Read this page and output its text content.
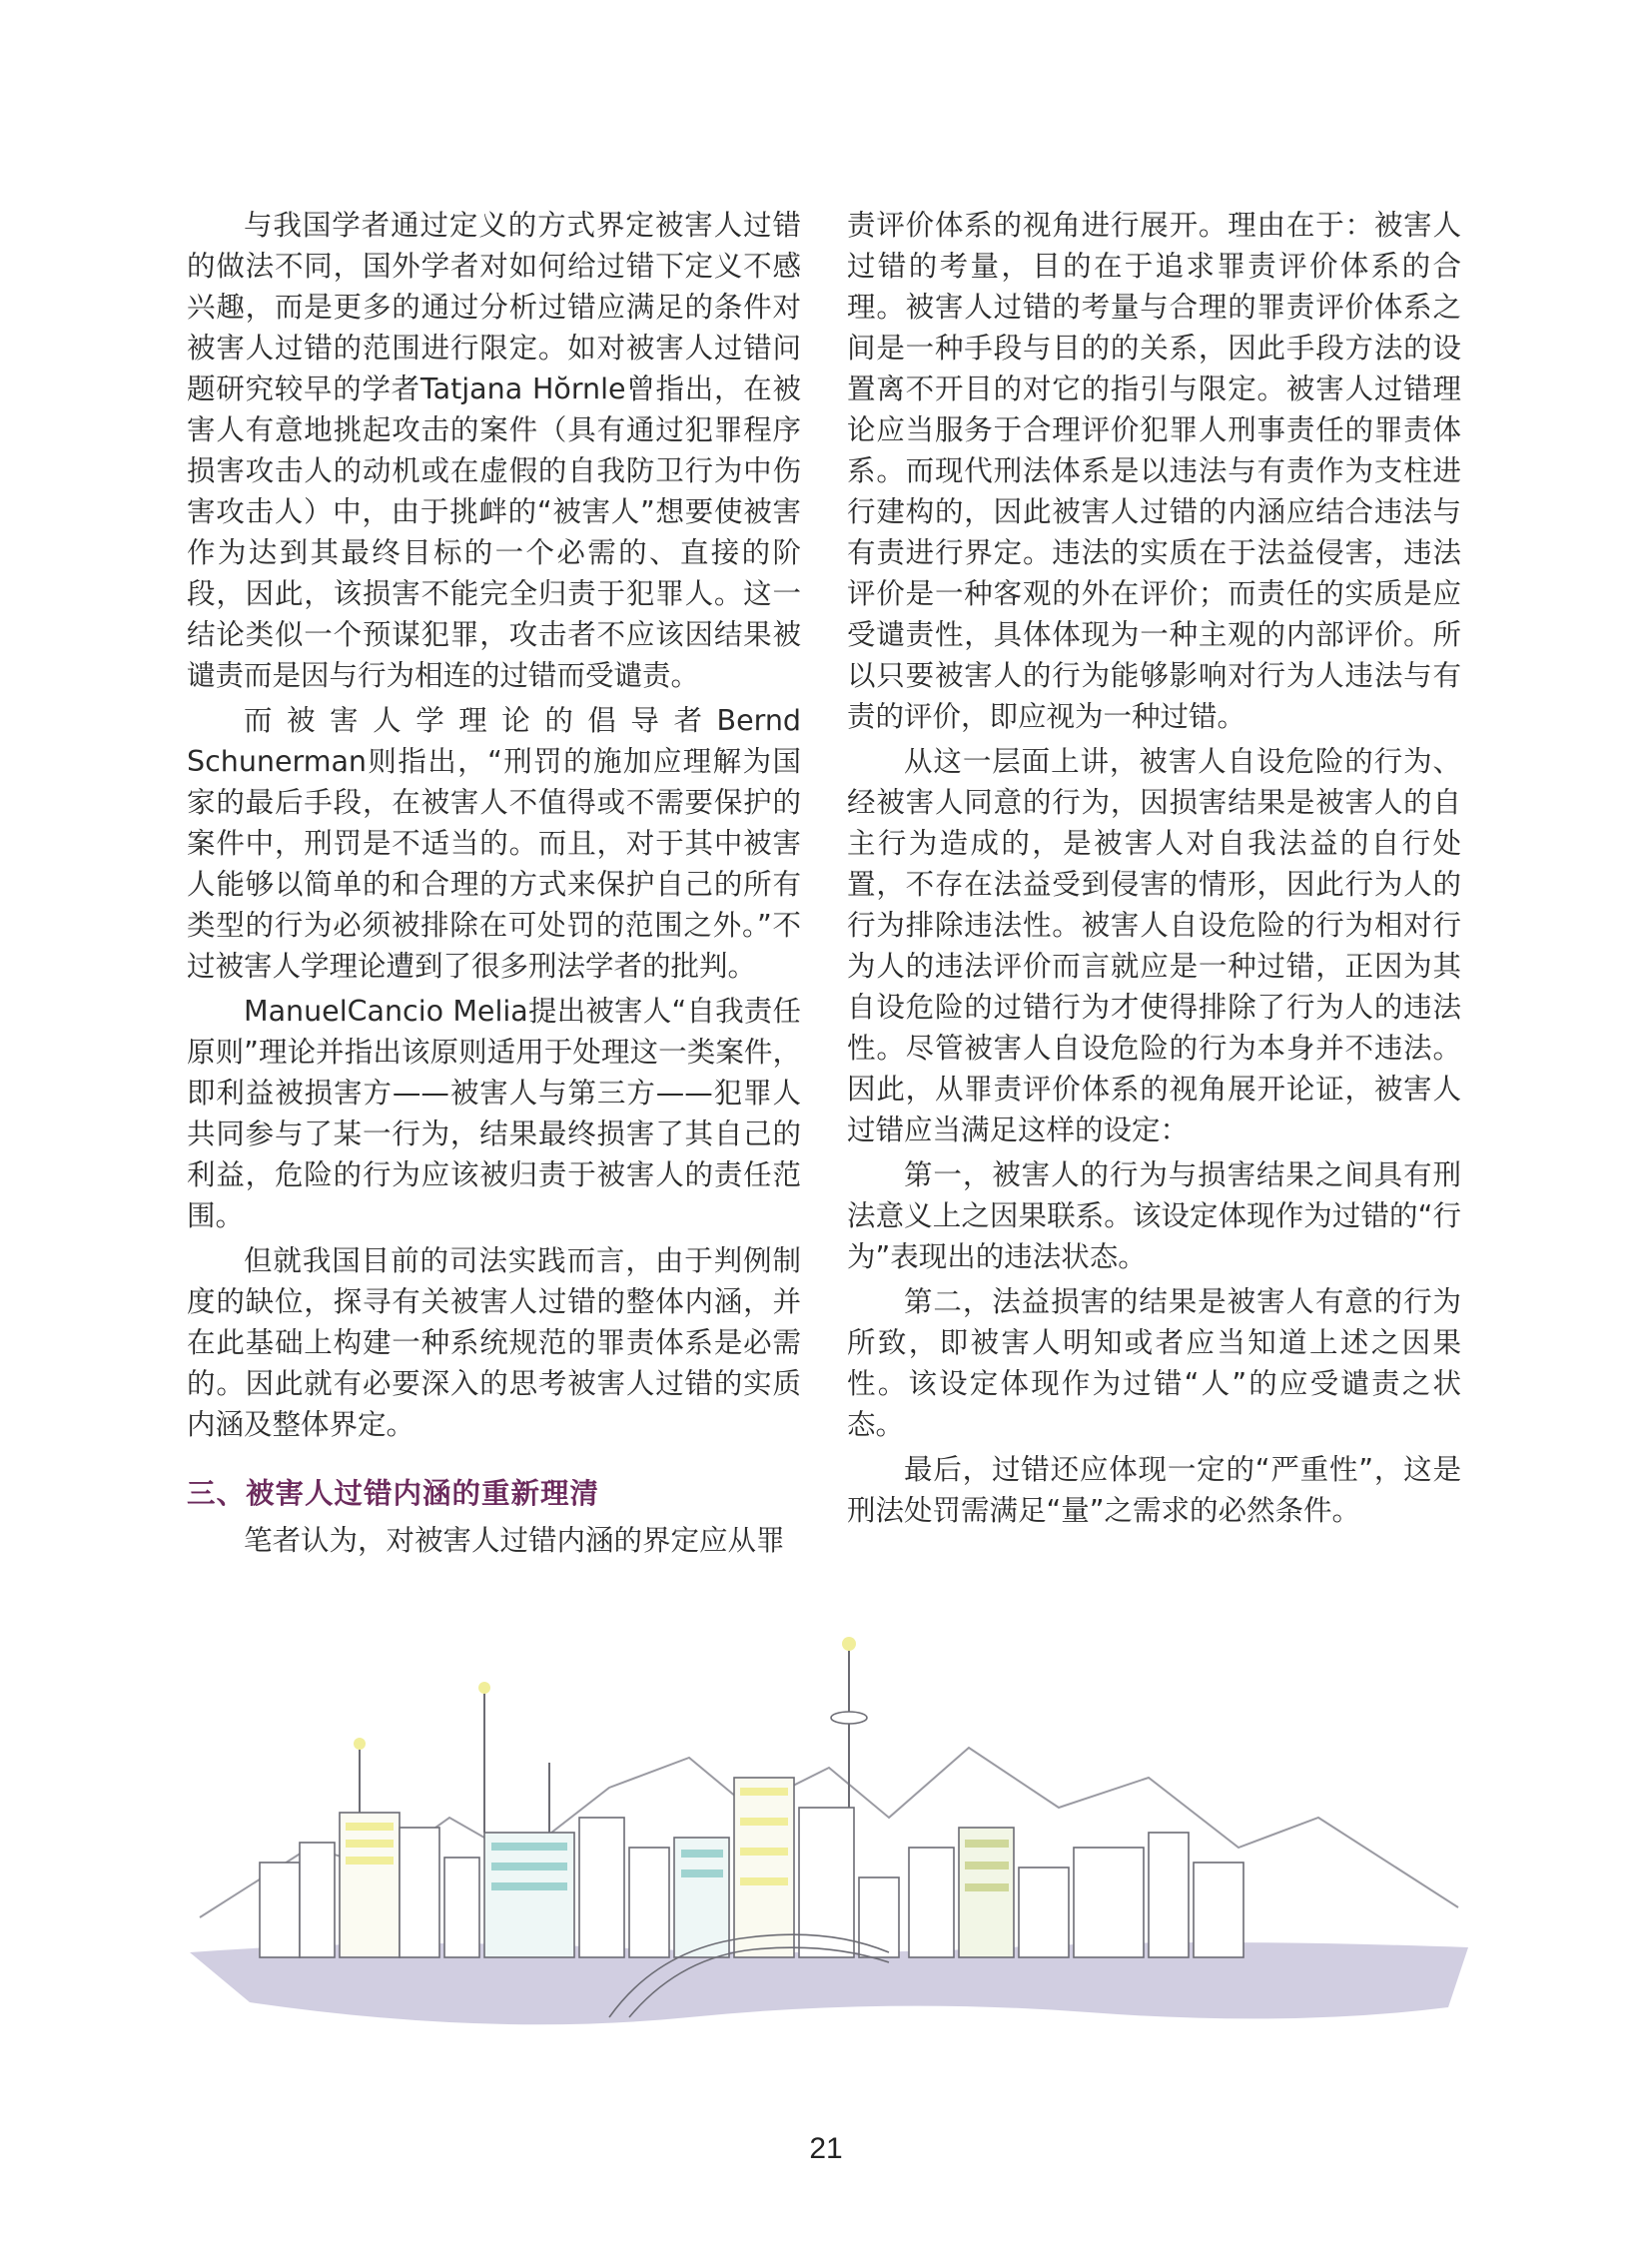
与我国学者通过定义的方式界定被害人过错的做法不同，国外学者对如何给过错下定义不感兴趣，而是更多的通过分析过错应满足的条件对被害人过错的范围进行限定。如对被害人过错问题研究较早的学者Tatjana Hŏrnle曾指出，在被害人有意地挑起攻击的案件（具有通过犯罪程序损害攻击人的动机或在虚假的自我防卫行为中伤害攻击人）中，由于挑衅的“被害人”想要使被害作为达到其最终目标的一个必需的、直接的阶段，因此，该损害不能完全归责于犯罪人。这一结论类似一个预谋犯罪，攻击者不应该因结果被谴责而是因与行为相连的过错而受谴责。

而被害人学理论的倡导者Bernd Schunerman则指出，“刑罚的施加应理解为国家的最后手段，在被害人不值得或不需要保护的案件中，刑罚是不适当的。而且，对于其中被害人能够以简单的和合理的方式来保护自己的所有类型的行为必须被排除在可处罚的范围之外。”不过被害人学理论遭到了很多刑法学者的批判。

ManuelCancio Melia提出被害人“自我责任原则”理论并指出该原则适用于处理这一类案件，即利益被损害方——被害人与第三方——犯罪人共同参与了某一行为，结果最终损害了其自己的利益，危险的行为应该被归责于被害人的责任范围。

但就我国目前的司法实践而言，由于判例制度的缺位，探寻有关被害人过错的整体内涵，并在此基础上构建一种系统规范的罪责体系是必需的。因此就有必要深入的思考被害人过错的实质内涵及整体界定。

三、被害人过错内涵的重新理清

笔者认为，对被害人过错内涵的界定应从罪

责评价体系的视角进行展开。理由在于：被害人过错的考量，目的在于追求罪责评价体系的合理。被害人过错的考量与合理的罪责评价体系之间是一种手段与目的的关系，因此手段方法的设置离不开目的对它的指引与限定。被害人过错理论应当服务于合理评价犯罪人刑事责任的罪责体系。而现代刑法体系是以违法与有责作为支柱进行建构的，因此被害人过错的内涵应结合违法与有责进行界定。违法的实质在于法益侵害，违法评价是一种客观的外在评价；而责任的实质是应受谴责性，具体体现为一种主观的内部评价。所以只要被害人的行为能够影响对行为人违法与有责的评价，即应视为一种过错。

从这一层面上讲，被害人自设危险的行为、经被害人同意的行为，因损害结果是被害人的自主行为造成的，是被害人对自我法益的自行处置，不存在法益受到侵害的情形，因此行为人的行为排除违法性。被害人自设危险的行为相对行为人的违法评价而言就应是一种过错，正因为其自设危险的过错行为才使得排除了行为人的违法性。尽管被害人自设危险的行为本身并不违法。因此，从罪责评价体系的视角展开论证，被害人过错应当满足这样的设定：

第一，被害人的行为与损害结果之间具有刑法意义上之因果联系。该设定体现作为过错的“行为”表现出的违法状态。

第二，法益损害的结果是被害人有意的行为所致，即被害人明知或者应当知道上述之因果性。该设定体现作为过错“人”的应受谴责之状态。

最后，过错还应体现一定的“严重性”，这是刑法处罚需满足“量”之需求的必然条件。

21
